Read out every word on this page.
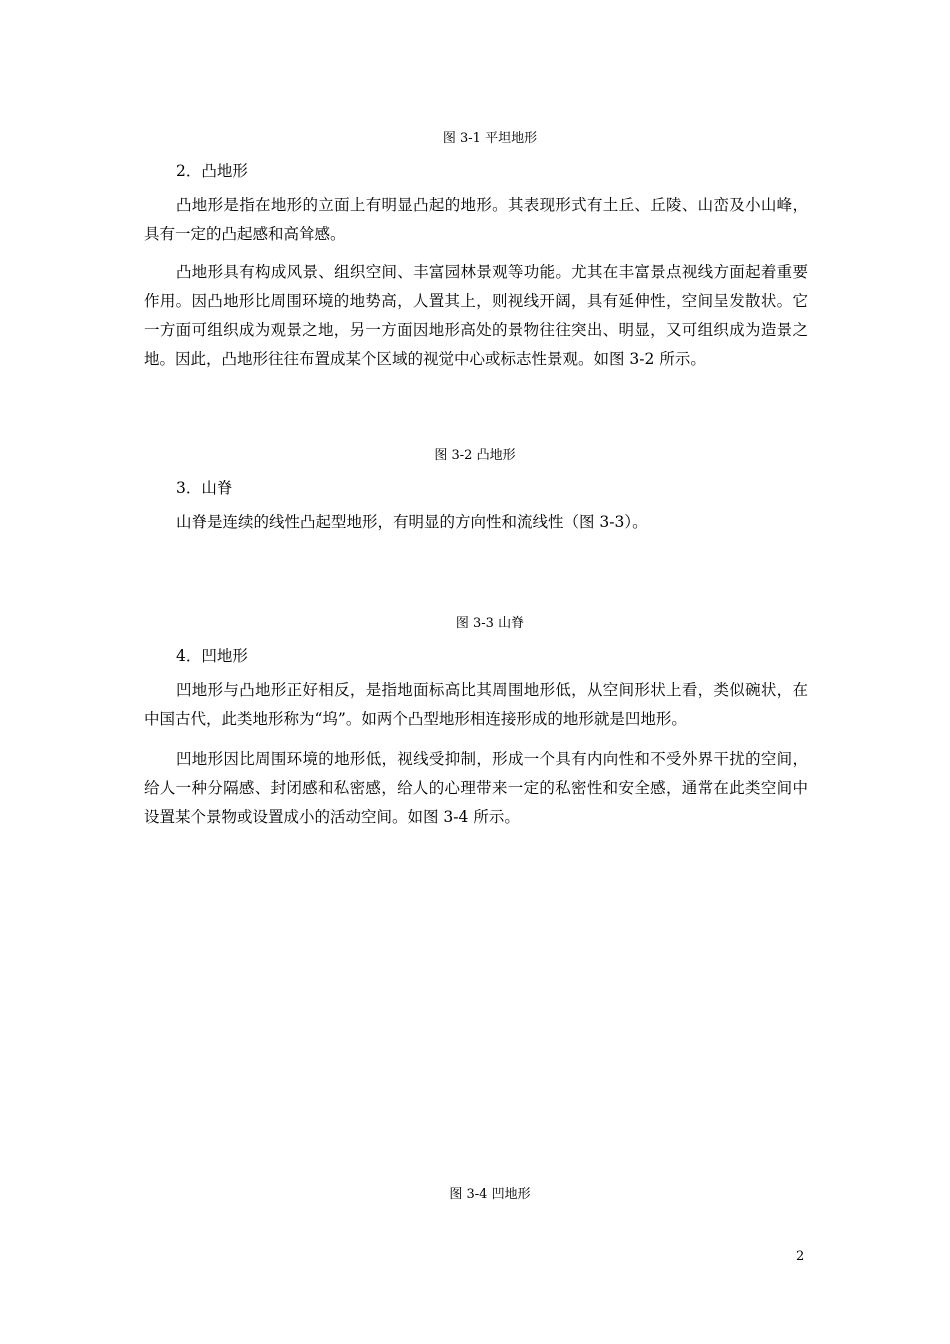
图 3-1 平坦地形
2．凸地形
凸地形是指在地形的立面上有明显凸起的地形。其表现形式有土丘、丘陵、山峦及小山峰，具有一定的凸起感和高耸感。
凸地形具有构成风景、组织空间、丰富园林景观等功能。尤其在丰富景点视线方面起着重要作用。因凸地形比周围环境的地势高，人置其上，则视线开阔，具有延伸性，空间呈发散状。它一方面可组织成为观景之地，另一方面因地形高处的景物往往突出、明显，又可组织成为造景之地。因此，凸地形往往布置成某个区域的视觉中心或标志性景观。如图 3-2 所示。
图 3-2 凸地形
3．山脊
山脊是连续的线性凸起型地形，有明显的方向性和流线性（图 3-3）。
图 3-3 山脊
4．凹地形
凹地形与凸地形正好相反，是指地面标高比其周围地形低，从空间形状上看，类似碗状，在中国古代，此类地形称为“坞”。如两个凸型地形相连接形成的地形就是凹地形。
凹地形因比周围环境的地形低，视线受抑制，形成一个具有内向性和不受外界干扰的空间，给人一种分隔感、封闭感和私密感，给人的心理带来一定的私密性和安全感，通常在此类空间中设置某个景物或设置成小的活动空间。如图 3-4 所示。
图 3-4 凹地形
2
